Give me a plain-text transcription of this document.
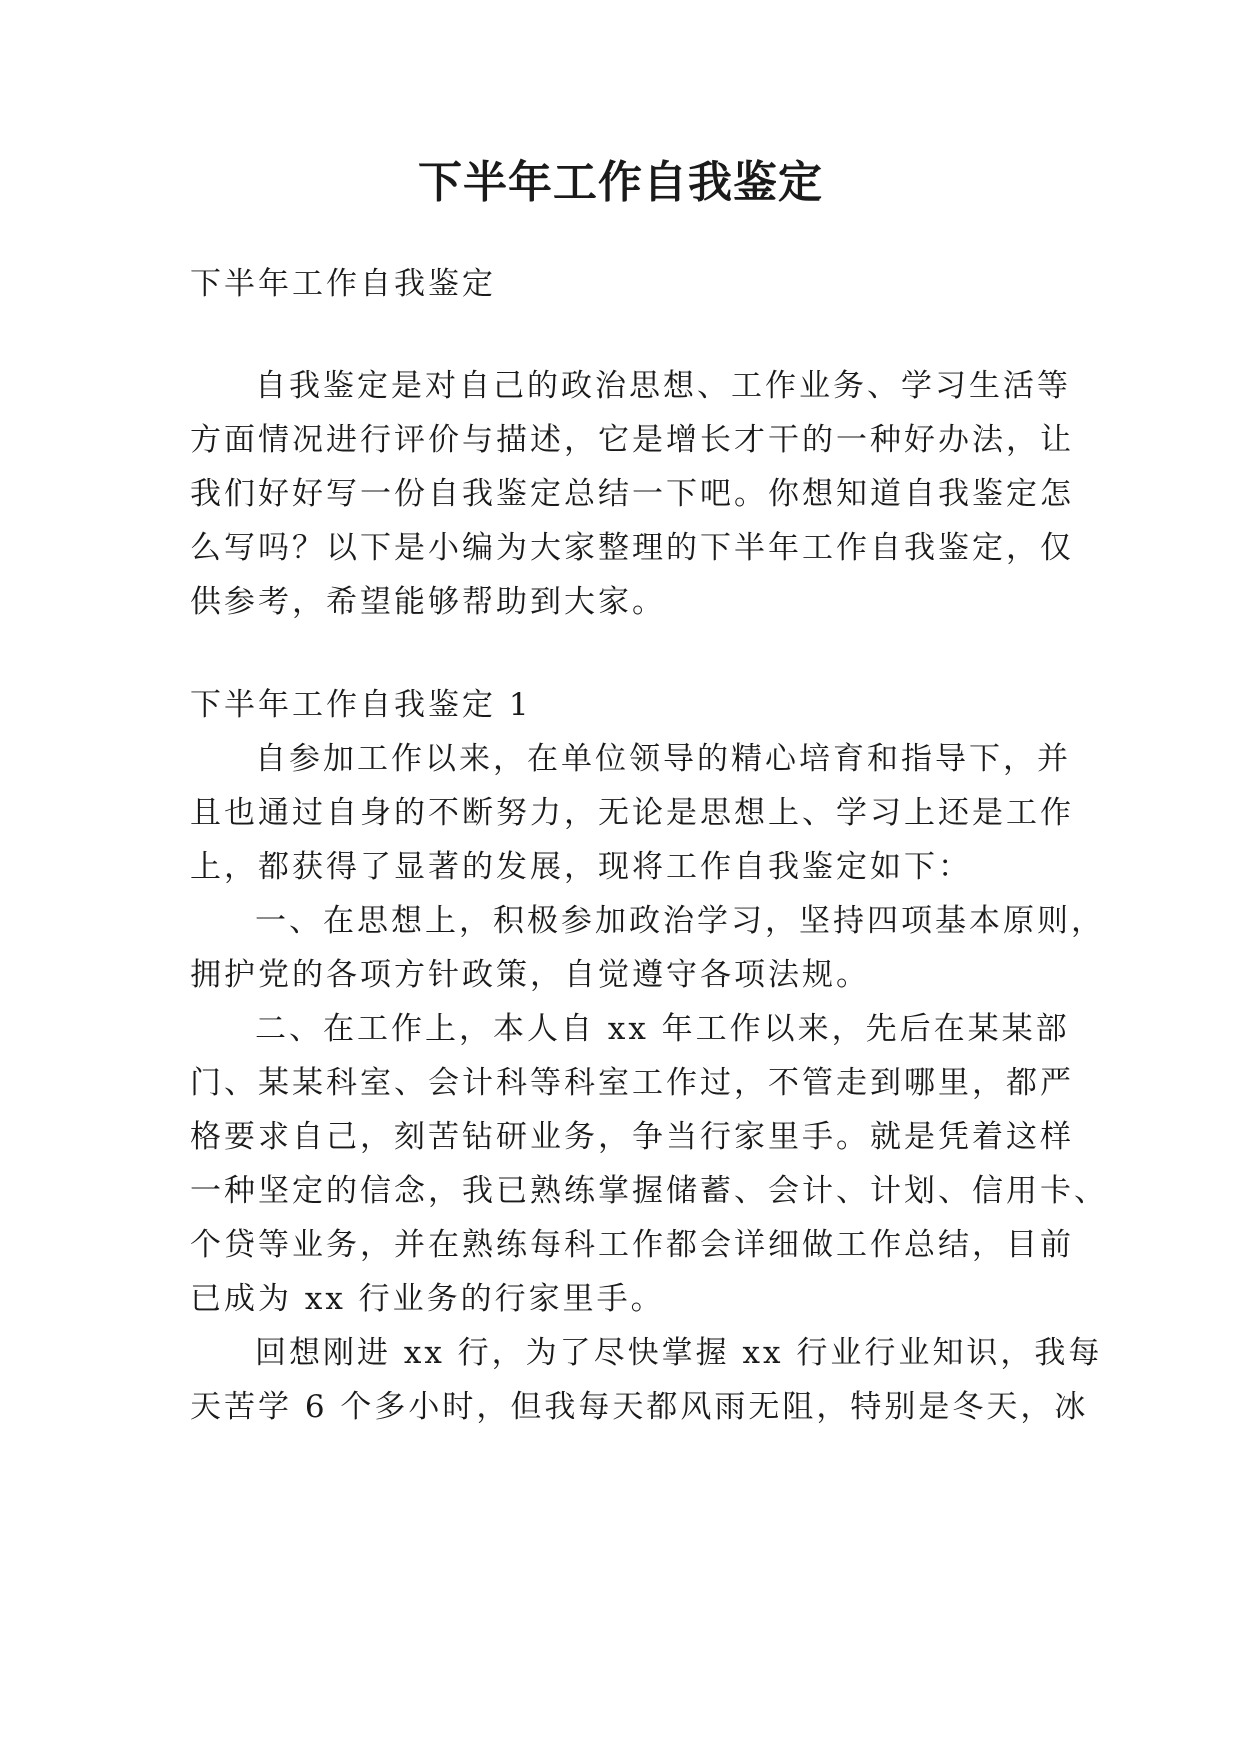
下半年工作自我鉴定
下半年工作自我鉴定
自我鉴定是对自己的政治思想、工作业务、学习生活等
方面情况进行评价与描述，它是增长才干的一种好办法，让
我们好好写一份自我鉴定总结一下吧。你想知道自我鉴定怎
么写吗？以下是小编为大家整理的下半年工作自我鉴定，仅
供参考，希望能够帮助到大家。
下半年工作自我鉴定 1
自参加工作以来，在单位领导的精心培育和指导下，并
且也通过自身的不断努力，无论是思想上、学习上还是工作
上，都获得了显著的发展，现将工作自我鉴定如下：
一、在思想上，积极参加政治学习，坚持四项基本原则，
拥护党的各项方针政策，自觉遵守各项法规。
二、在工作上，本人自 xx 年工作以来，先后在某某部
门、某某科室、会计科等科室工作过，不管走到哪里，都严
格要求自己，刻苦钻研业务，争当行家里手。就是凭着这样
一种坚定的信念，我已熟练掌握储蓄、会计、计划、信用卡、
个贷等业务，并在熟练每科工作都会详细做工作总结，目前
已成为 xx 行业务的行家里手。
回想刚进 xx 行，为了尽快掌握 xx 行业行业知识，我每
天苦学 6 个多小时，但我每天都风雨无阻，特别是冬天，冰
